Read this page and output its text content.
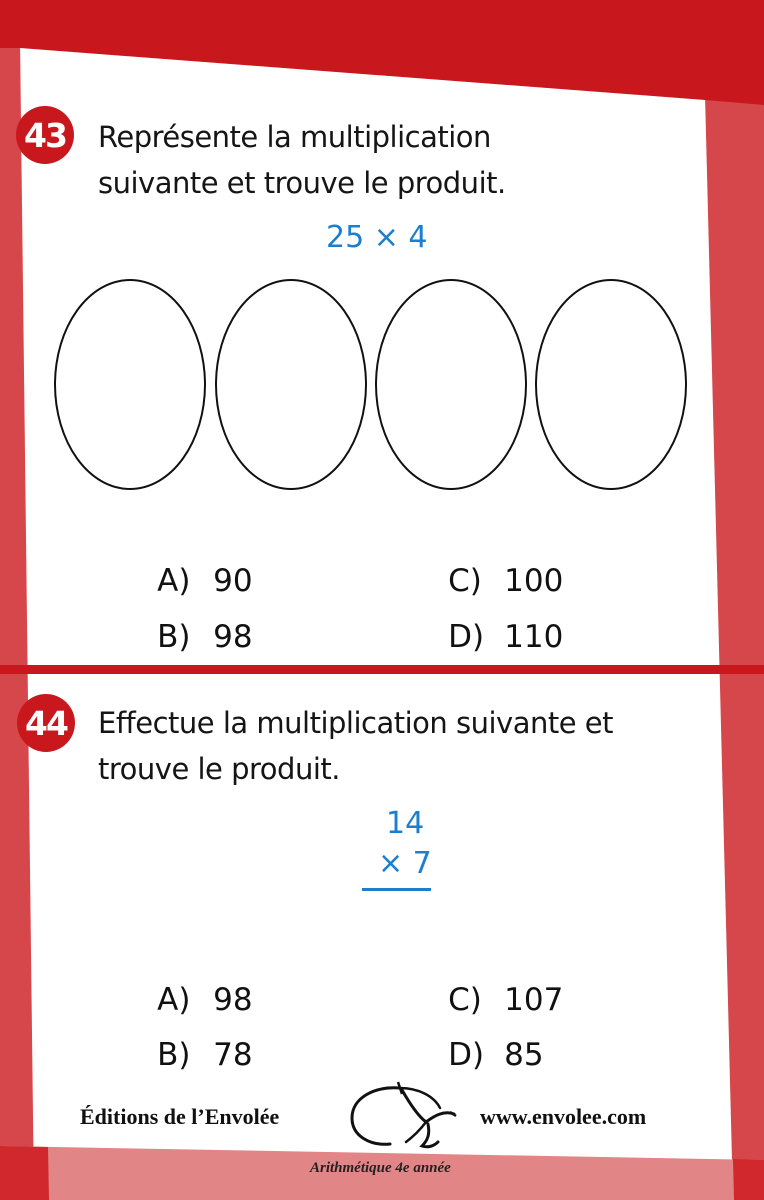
43 Représente la multiplication
suivante et trouve le produit.
25 × 4

A) 90

B) 98

C) 100

D) 110

44 Effectue la multiplication suivante et
trouve le produit.
14
× 7

A) 98

B) 78

C) 107

D) 85

Éditions de l’Envolée	www.envolee.com
Arithmétique 4e année
